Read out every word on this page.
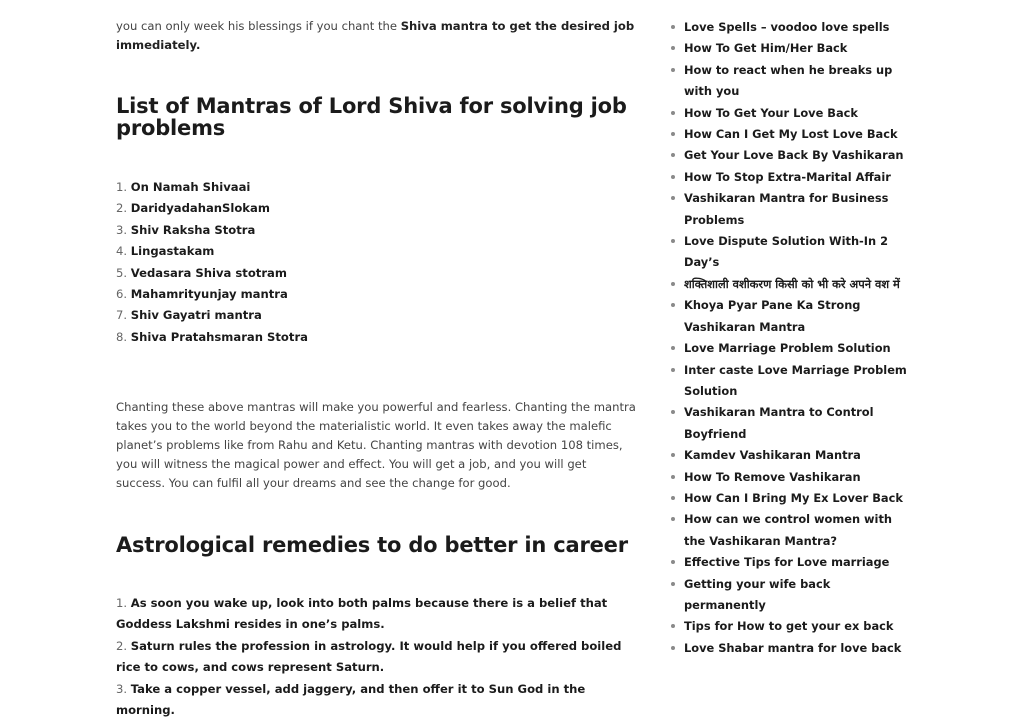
you can only week his blessings if you chant the Shiva mantra to get the desired job immediately.

List of Mantras of Lord Shiva for solving job problems
1. On Namah Shivaai
2. DaridyadahanSlokam
3. Shiv Raksha Stotra
4. Lingastakam
5. Vedasara Shiva stotram
6. Mahamrityunjay mantra
7. Shiv Gayatri mantra
8. Shiva Pratahsmaran Stotra

Chanting these above mantras will make you powerful and fearless. Chanting the mantra takes you to the world beyond the materialistic world. It even takes away the malefic planet’s problems like from Rahu and Ketu. Chanting mantras with devotion 108 times, you will witness the magical power and effect. You will get a job, and you will get success. You can fulfil all your dreams and see the change for good.

Astrological remedies to do better in career
1. As soon you wake up, look into both palms because there is a belief that Goddess Lakshmi resides in one’s palms.
2. Saturn rules the profession in astrology. It would help if you offered boiled rice to cows, and cows represent Saturn.
3. Take a copper vessel, add jaggery, and then offer it to Sun God in the morning.
Love Spells – voodoo love spells
How To Get Him/Her Back
How to react when he breaks up with you
How To Get Your Love Back
How Can I Get My Lost Love Back
Get Your Love Back By Vashikaran
How To Stop Extra-Marital Affair
Vashikaran Mantra for Business Problems
Love Dispute Solution With-In 2 Day’s
शक्तिशाली वशीकरण किसी को भी करे अपने वश में
Khoya Pyar Pane Ka Strong Vashikaran Mantra
Love Marriage Problem Solution
Inter caste Love Marriage Problem Solution
Vashikaran Mantra to Control Boyfriend
Kamdev Vashikaran Mantra
How To Remove Vashikaran
How Can I Bring My Ex Lover Back
How can we control women with the Vashikaran Mantra?
Effective Tips for Love marriage
Getting your wife back permanently
Tips for How to get your ex back
Love Shabar mantra for love back
